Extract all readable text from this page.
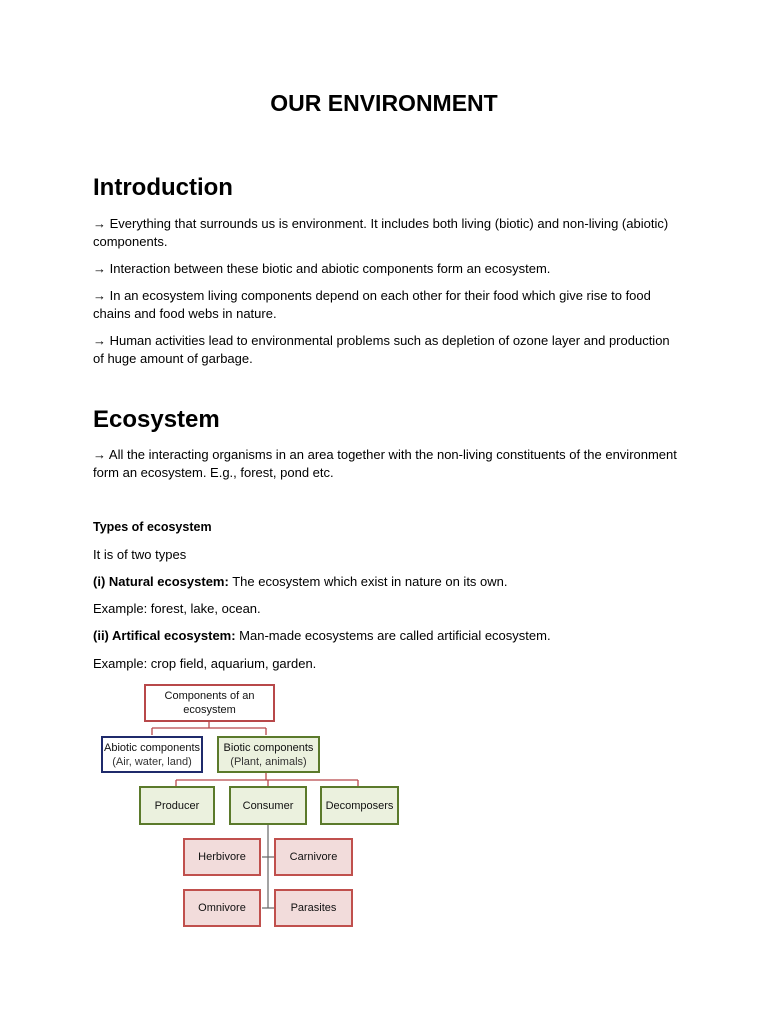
OUR ENVIRONMENT
Introduction

→ Everything that surrounds us is environment. It includes both living (biotic) and non-living (abiotic) components.

→ Interaction between these biotic and abiotic components form an ecosystem.

→ In an ecosystem living components depend on each other for their food which give rise to food chains and food webs in nature.

→ Human activities lead to environmental problems such as depletion of ozone layer and production of huge amount of garbage.

Ecosystem

→ All the interacting organisms in an area together with the non-living constituents of the environment form an ecosystem. E.g., forest, pond etc.

Types of ecosystem

It is of two types

(i) Natural ecosystem: The ecosystem which exist in nature on its own.

Example: forest, lake, ocean.

(ii) Artifical ecosystem: Man-made ecosystems are called artificial ecosystem.

Example: crop field, aquarium, garden.

Components of an ecosystem
Abiotic components
(Air, water, land)
Biotic components
(Plant, animals)
Producer	Consumer	Decomposers
Herbivore	Carnivore
Omnivore	Parasites
